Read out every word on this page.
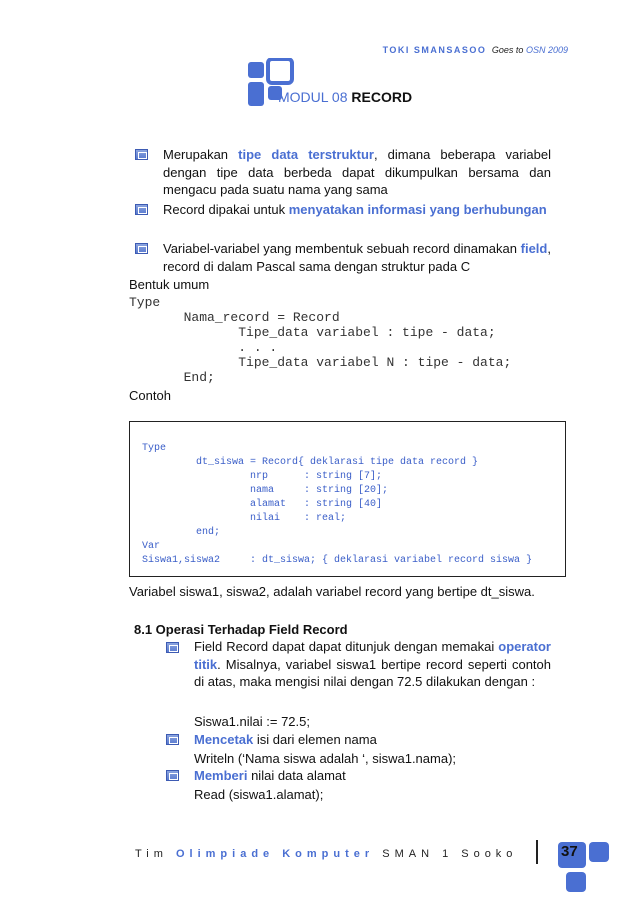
TOKI SMANSASOO Goes to OSN 2009
MODUL 08 RECORD
Merupakan tipe data terstruktur, dimana beberapa variabel dengan tipe data berbeda dapat dikumpulkan bersama dan mengacu pada suatu nama yang sama
Record dipakai untuk menyatakan informasi yang berhubungan
Variabel-variabel yang membentuk sebuah record dinamakan field, record di dalam Pascal sama dengan struktur pada C
Bentuk umum
Type
Nama_record = Record
Tipe_data variabel : tipe - data;
. . .
Tipe_data variabel N : tipe - data;
End;
Contoh
Type
dt_siswa = Record{ deklarasi tipe data record }
nrp      : string [7];
nama     : string [20];
alamat   : string [40]
nilai    : real;
end;
Var
Siswa1,siswa2     : dt_siswa; { deklarasi variabel record siswa }
Variabel siswa1, siswa2, adalah variabel record yang bertipe dt_siswa.
8.1 Operasi Terhadap Field Record
Field Record dapat dapat ditunjuk dengan memakai operator titik. Misalnya, variabel siswa1 bertipe record seperti contoh di atas, maka mengisi nilai dengan 72.5 dilakukan dengan :
Siswa1.nilai := 72.5;
Mencetak isi dari elemen nama
Writeln (‘Nama siswa adalah ‘, siswa1.nama);
Memberi nilai data alamat
Read (siswa1.alamat);
Tim Olimpiade Komputer SMAN 1 Sooko	37
